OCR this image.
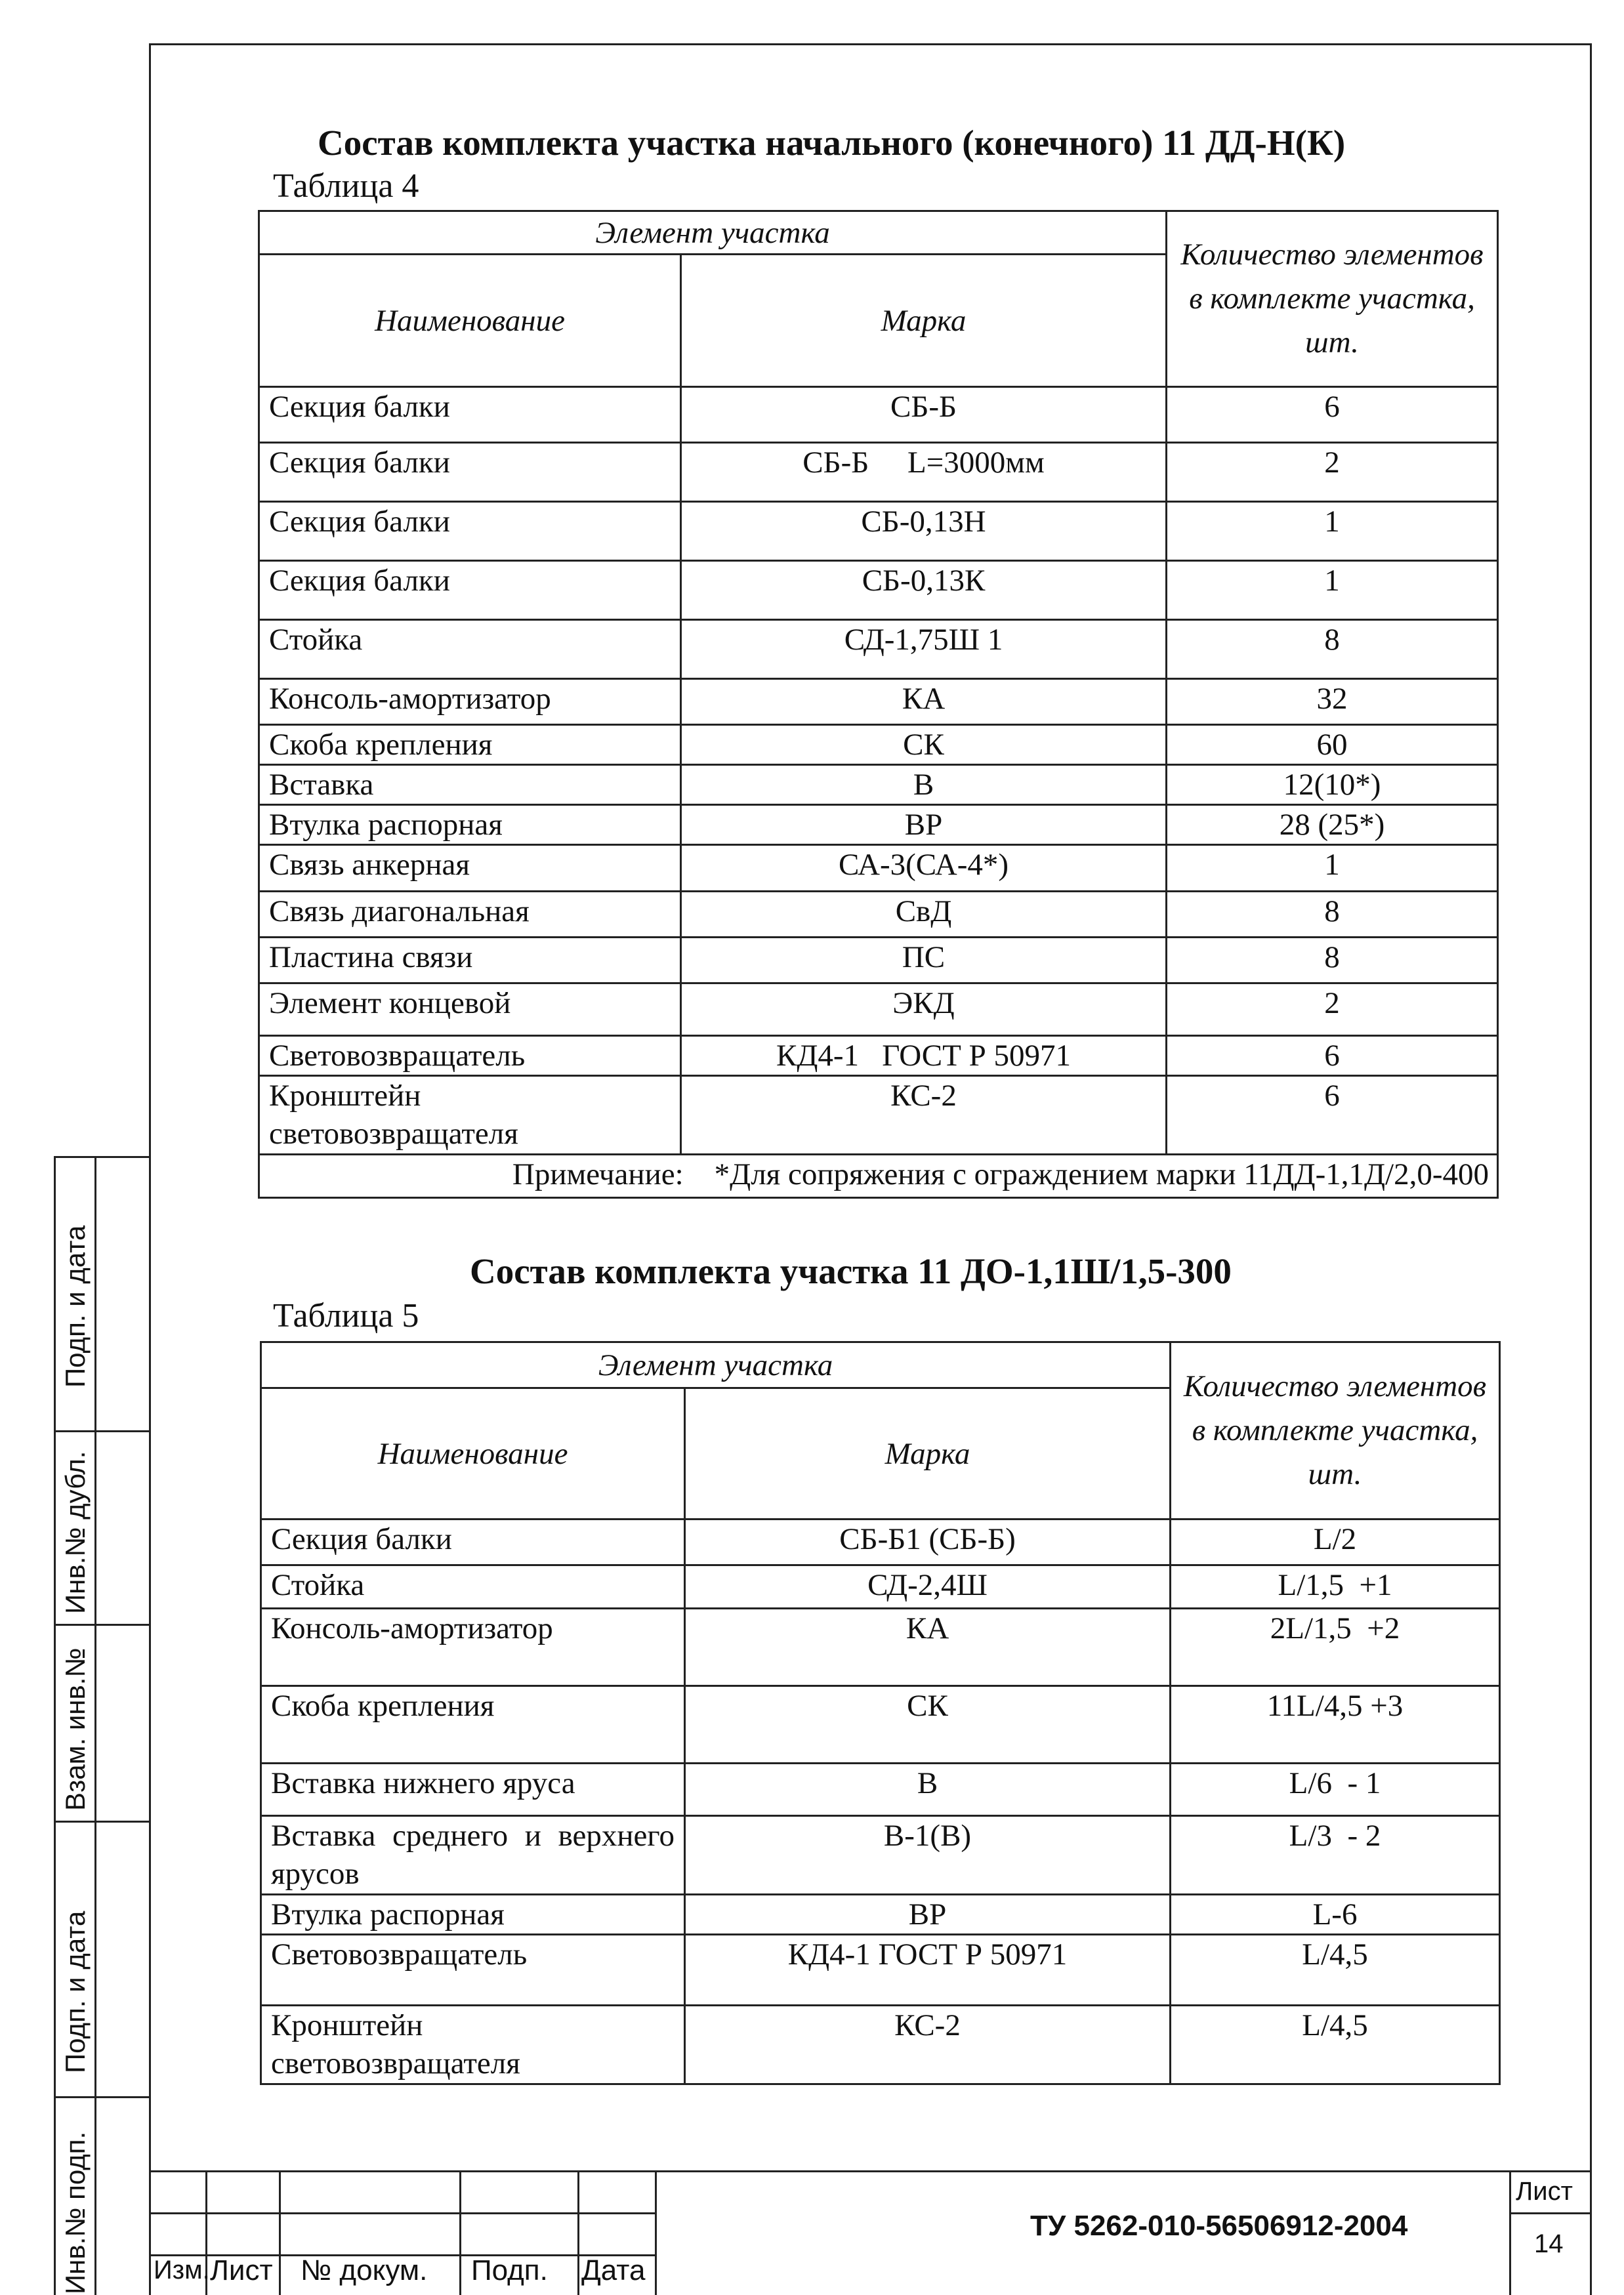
Состав комплекта участка начального (конечного) 11 ДД-Н(К)
Таблица 4
Элемент участка		Количество элементов в комплекте участка, шт.
Наименование	Марка	
Секция балки	СБ-Б	6
Секция балки	СБ-Б     L=3000мм	2
Секция балки	СБ-0,13Н	1
Секция балки	СБ-0,13К	1
Стойка	СД-1,75Ш 1	8
Консоль-амортизатор	КА	32
Скоба крепления	СК	60
Вставка	В	12(10*)
Втулка распорная	ВР	28 (25*)
Связь анкерная	СА-3(СА-4*)	1
Связь диагональная	СвД	8
Пластина связи	ПС	8
Элемент концевой	ЭКД	2
Световозвращатель	КД4-1   ГОСТ Р 50971	6
Кронштейн световозвращателя	КС-2	6
Примечание:    *Для сопряжения с ограждением марки 11ДД-1,1Д/2,0-400		
Состав комплекта участка 11 ДО-1,1Ш/1,5-300
Таблица 5
Элемент участка		Количество элементов в комплекте участка, шт.
Наименование	Марка	
Секция балки	СБ-Б1 (СБ-Б)	L/2
Стойка	СД-2,4Ш	L/1,5  +1
Консоль-амортизатор	КА	2L/1,5  +2
Скоба крепления	СК	11L/4,5 +3
Вставка нижнего яруса	В	L/6  - 1
Вставка среднего и верхнего ярусов	В-1(В)	L/3  - 2
Втулка распорная	ВР	L-6
Световозвращатель	КД4-1 ГОСТ Р 50971	L/4,5
Кронштейн световозвращателя	КС-2	L/4,5
Подп. и дата
Инв.№ дубл.
Взам. инв.№
Подп. и дата
Инв.№ подп. Изм. Лист № докум. Подп. Дата
ТУ 5262-010-56506912-2004
Лист
14
